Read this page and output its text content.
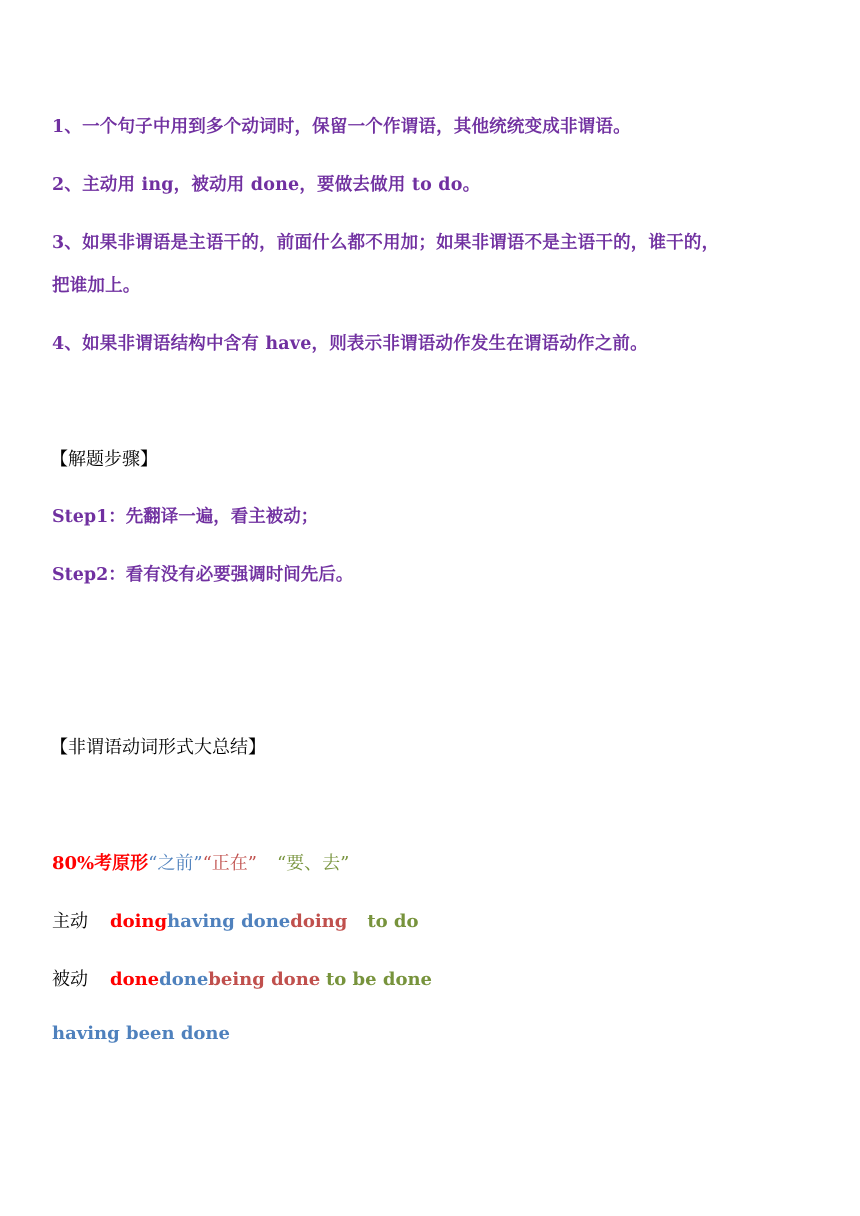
1、一个句子中用到多个动词时，保留一个作谓语，其他统统变成非谓语。
2、主动用 ing，被动用 done，要做去做用 to do。
3、如果非谓语是主语干的，前面什么都不用加；如果非谓语不是主语干的，谁干的，
把谁加上。
4、如果非谓语结构中含有 have，则表示非谓语动作发生在谓语动作之前。
【解题步骤】
Step1：先翻译一遍，看主被动；
Step2：看有没有必要强调时间先后。
【非谓语动词形式大总结】
80%考原形“之前”“正在” “要、去”
主动 doinghaving donedoing to do
被动 donedonebeing done to be done
having been done
